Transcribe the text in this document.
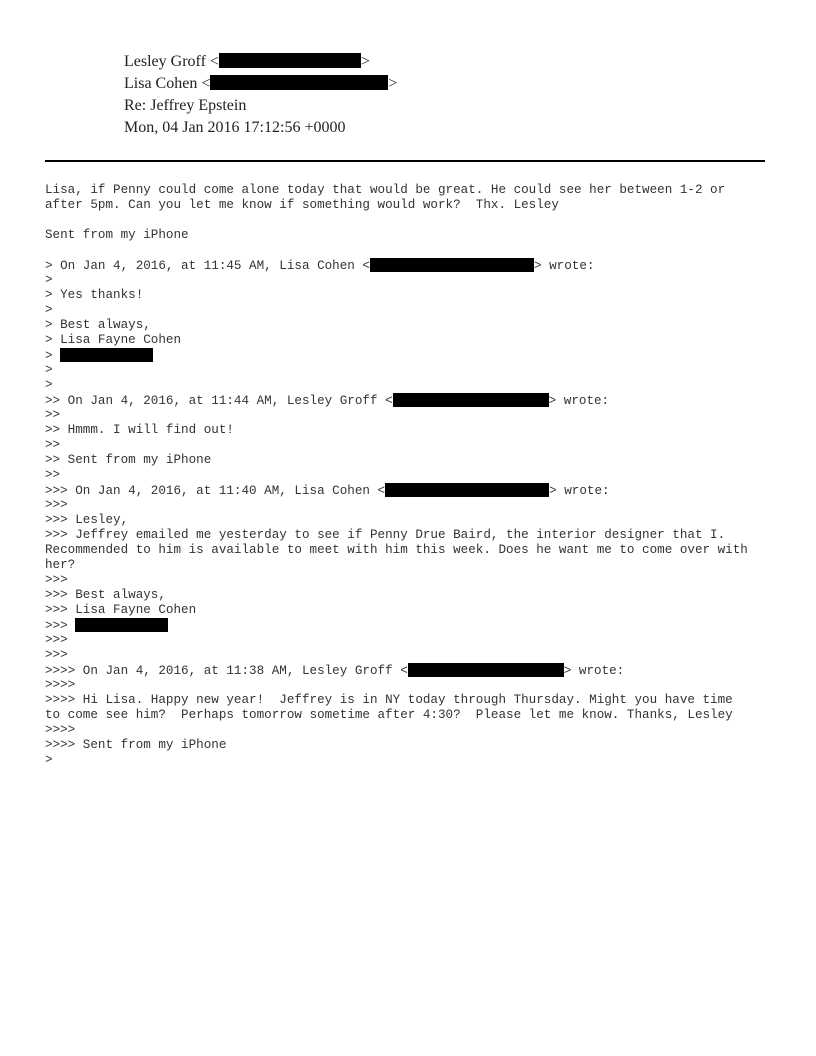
Lesley Groff <	>
Lisa Cohen <	>
Re: Jeffrey Epstein
Mon, 04 Jan 2016 17:12:56 +0000
Lisa, if Penny could come alone today that would be great. He could see her between 1-2 or
after 5pm. Can you let me know if something would work?  Thx. Lesley
Sent from my iPhone
> On Jan 4, 2016, at 11:45 AM, Lisa Cohen <	> wrote:
>
> Yes thanks!
>
> Best always,
> Lisa Fayne Cohen
>
>
>
>> On Jan 4, 2016, at 11:44 AM, Lesley Groff <	> wrote:
>>
>> Hmmm. I will find out!
>>
>> Sent from my iPhone
>>
>>> On Jan 4, 2016, at 11:40 AM, Lisa Cohen <	> wrote:
>>>
>>> Lesley,
>>> Jeffrey emailed me yesterday to see if Penny Drue Baird, the interior designer that I.
Recommended to him is available to meet with him this week. Does he want me to come over with
her?
>>>
>>> Best always,
>>> Lisa Fayne Cohen
>>>
>>>
>>>
>>>> On Jan 4, 2016, at 11:38 AM, Lesley Groff <	> wrote:
>>>>
>>>> Hi Lisa. Happy new year!  Jeffrey is in NY today through Thursday. Might you have time
to come see him?  Perhaps tomorrow sometime after 4:30?  Please let me know. Thanks, Lesley
>>>>
>>>> Sent from my iPhone
>
